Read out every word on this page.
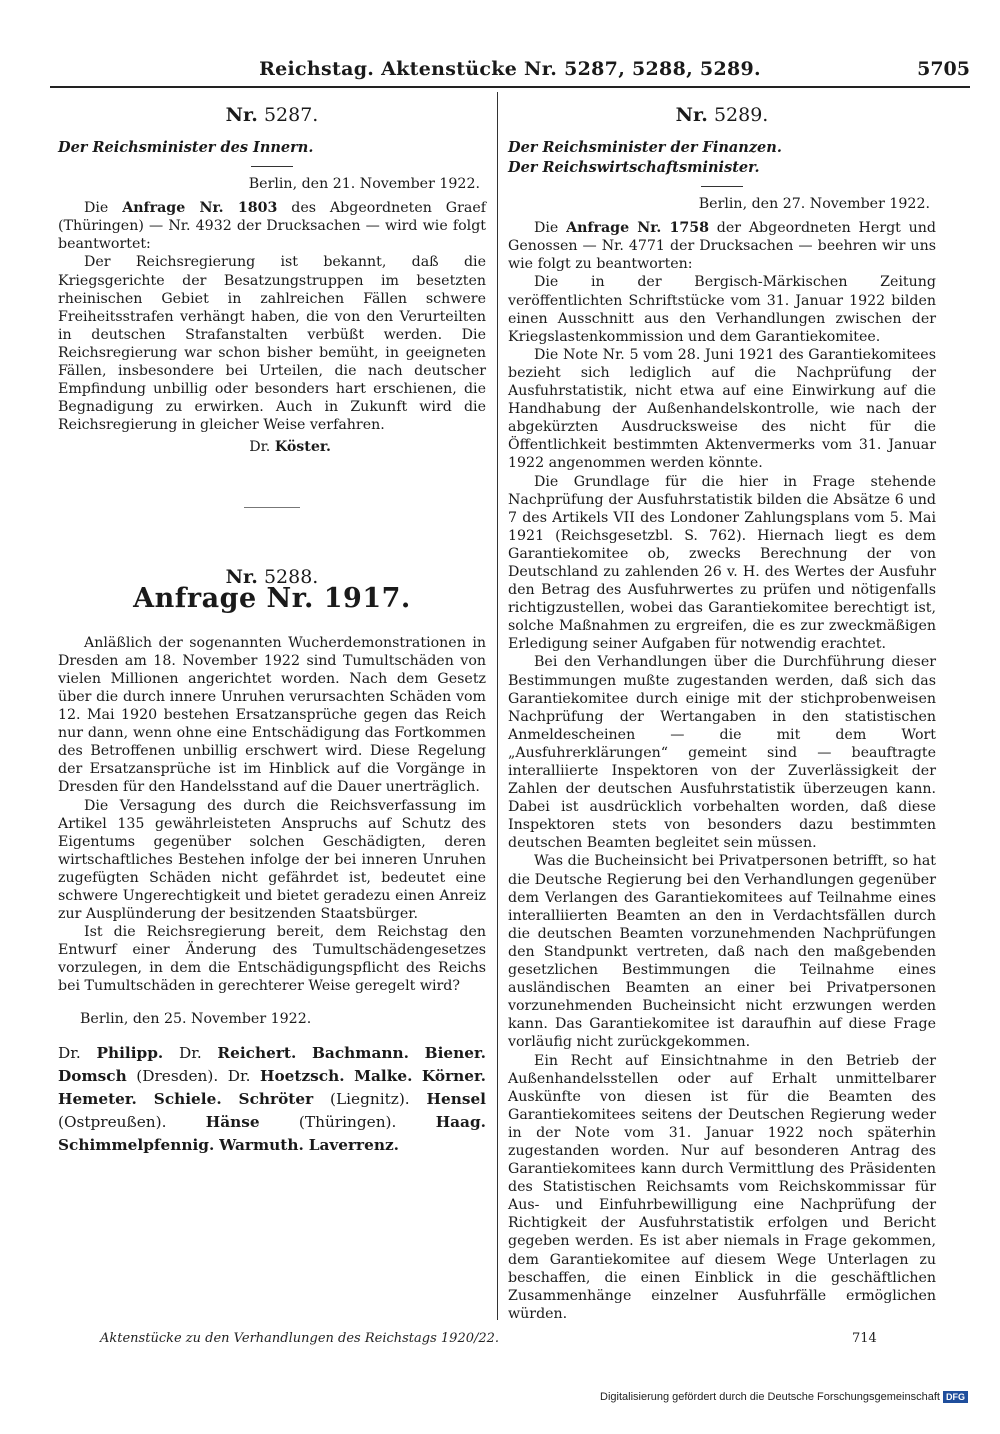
Reichstag. Aktenstücke Nr. 5287, 5288, 5289.	5705
Nr. 5287.
Der Reichsminister des Innern.
Berlin, den 21. November 1922.

Die Anfrage Nr. 1803 des Abgeordneten Graef (Thüringen) — Nr. 4932 der Drucksachen — wird wie folgt beantwortet:

Der Reichsregierung ist bekannt, daß die Kriegsgerichte der Besatzungstruppen im besetzten rheinischen Gebiet in zahlreichen Fällen schwere Freiheitsstrafen verhängt haben, die von den Verurteilten in deutschen Strafanstalten verbüßt werden. Die Reichsregierung war schon bisher bemüht, in geeigneten Fällen, insbesondere bei Urteilen, die nach deutscher Empfindung unbillig oder besonders hart erschienen, die Begnadigung zu erwirken. Auch in Zukunft wird die Reichsregierung in gleicher Weise verfahren.

Dr. Köster.
Nr. 5288.
Anfrage Nr. 1917.

Anläßlich der sogenannten Wucherdemonstrationen in Dresden am 18. November 1922 sind Tumultschäden von vielen Millionen angerichtet worden. Nach dem Gesetz über die durch innere Unruhen verursachten Schäden vom 12. Mai 1920 bestehen Ersatzansprüche gegen das Reich nur dann, wenn ohne eine Entschädigung das Fortkommen des Betroffenen unbillig erschwert wird. Diese Regelung der Ersatzansprüche ist im Hinblick auf die Vorgänge in Dresden für den Handelsstand auf die Dauer unerträglich.

Die Versagung des durch die Reichsverfassung im Artikel 135 gewährleisteten Anspruchs auf Schutz des Eigentums gegenüber solchen Geschädigten, deren wirtschaftliches Bestehen infolge der bei inneren Unruhen zugefügten Schäden nicht gefährdet ist, bedeutet eine schwere Ungerechtigkeit und bietet geradezu einen Anreiz zur Ausplünderung der besitzenden Staatsbürger.

Ist die Reichsregierung bereit, dem Reichstag den Entwurf einer Änderung des Tumultschädengesetzes vorzulegen, in dem die Entschädigungspflicht des Reichs bei Tumultschäden in gerechterer Weise geregelt wird?

Berlin, den 25. November 1922.
Dr. Philipp. Dr. Reichert. Bachmann. Biener. Domsch (Dresden). Dr. Hoetzsch. Malke. Körner. Hemeter. Schiele. Schröter (Liegnitz). Hensel (Ostpreußen). Hänse (Thüringen). Haag. Schimmelpfennig. Warmuth. Laverrenz.
Nr. 5289.
Der Reichsminister der Finanzen.
Der Reichswirtschaftsminister.
Berlin, den 27. November 1922.

Die Anfrage Nr. 1758 der Abgeordneten Hergt und Genossen — Nr. 4771 der Drucksachen — beehren wir uns wie folgt zu beantworten:

Die in der Bergisch-Märkischen Zeitung veröffentlichten Schriftstücke vom 31. Januar 1922 bilden einen Ausschnitt aus den Verhandlungen zwischen der Kriegslastenkommission und dem Garantiekomitee.

Die Note Nr. 5 vom 28. Juni 1921 des Garantiekomitees bezieht sich lediglich auf die Nachprüfung der Ausfuhrstatistik, nicht etwa auf eine Einwirkung auf die Handhabung der Außenhandelskontrolle, wie nach der abgekürzten Ausdrucksweise des nicht für die Öffentlichkeit bestimmten Aktenvermerks vom 31. Januar 1922 angenommen werden könnte.

Die Grundlage für die hier in Frage stehende Nachprüfung der Ausfuhrstatistik bilden die Absätze 6 und 7 des Artikels VII des Londoner Zahlungsplans vom 5. Mai 1921 (Reichsgesetzbl. S. 762). Hiernach liegt es dem Garantiekomitee ob, zwecks Berechnung der von Deutschland zu zahlenden 26 v. H. des Wertes der Ausfuhr den Betrag des Ausfuhrwertes zu prüfen und nötigenfalls richtigzustellen, wobei das Garantiekomitee berechtigt ist, solche Maßnahmen zu ergreifen, die es zur zweckmäßigen Erledigung seiner Aufgaben für notwendig erachtet.

Bei den Verhandlungen über die Durchführung dieser Bestimmungen mußte zugestanden werden, daß sich das Garantiekomitee durch einige mit der stichprobenweisen Nachprüfung der Wertangaben in den statistischen Anmeldescheinen — die mit dem Wort „Ausfuhrerklärungen“ gemeint sind — beauftragte interalliierte Inspektoren von der Zuverlässigkeit der Zahlen der deutschen Ausfuhrstatistik überzeugen kann. Dabei ist ausdrücklich vorbehalten worden, daß diese Inspektoren stets von besonders dazu bestimmten deutschen Beamten begleitet sein müssen.

Was die Bucheinsicht bei Privatpersonen betrifft, so hat die Deutsche Regierung bei den Verhandlungen gegenüber dem Verlangen des Garantiekomitees auf Teilnahme eines interalliierten Beamten an den in Verdachtsfällen durch die deutschen Beamten vorzunehmenden Nachprüfungen den Standpunkt vertreten, daß nach den maßgebenden gesetzlichen Bestimmungen die Teilnahme eines ausländischen Beamten an einer bei Privatpersonen vorzunehmenden Bucheinsicht nicht erzwungen werden kann. Das Garantiekomitee ist daraufhin auf diese Frage vorläufig nicht zurückgekommen.

Ein Recht auf Einsichtnahme in den Betrieb der Außenhandelsstellen oder auf Erhalt unmittelbarer Auskünfte von diesen ist für die Beamten des Garantiekomitees seitens der Deutschen Regierung weder in der Note vom 31. Januar 1922 noch späterhin zugestanden worden. Nur auf besonderen Antrag des Garantiekomitees kann durch Vermittlung des Präsidenten des Statistischen Reichsamts vom Reichskommissar für Aus- und Einfuhrbewilligung eine Nachprüfung der Richtigkeit der Ausfuhrstatistik erfolgen und Bericht gegeben werden. Es ist aber niemals in Frage gekommen, dem Garantiekomitee auf diesem Wege Unterlagen zu beschaffen, die einen Einblick in die geschäftlichen Zusammenhänge einzelner Ausfuhrfälle ermöglichen würden.

Aktenstücke zu den Verhandlungen des Reichstags 1920/22.	714
Digitalisierung gefördert durch die Deutsche Forschungsgemeinschaft DFG
